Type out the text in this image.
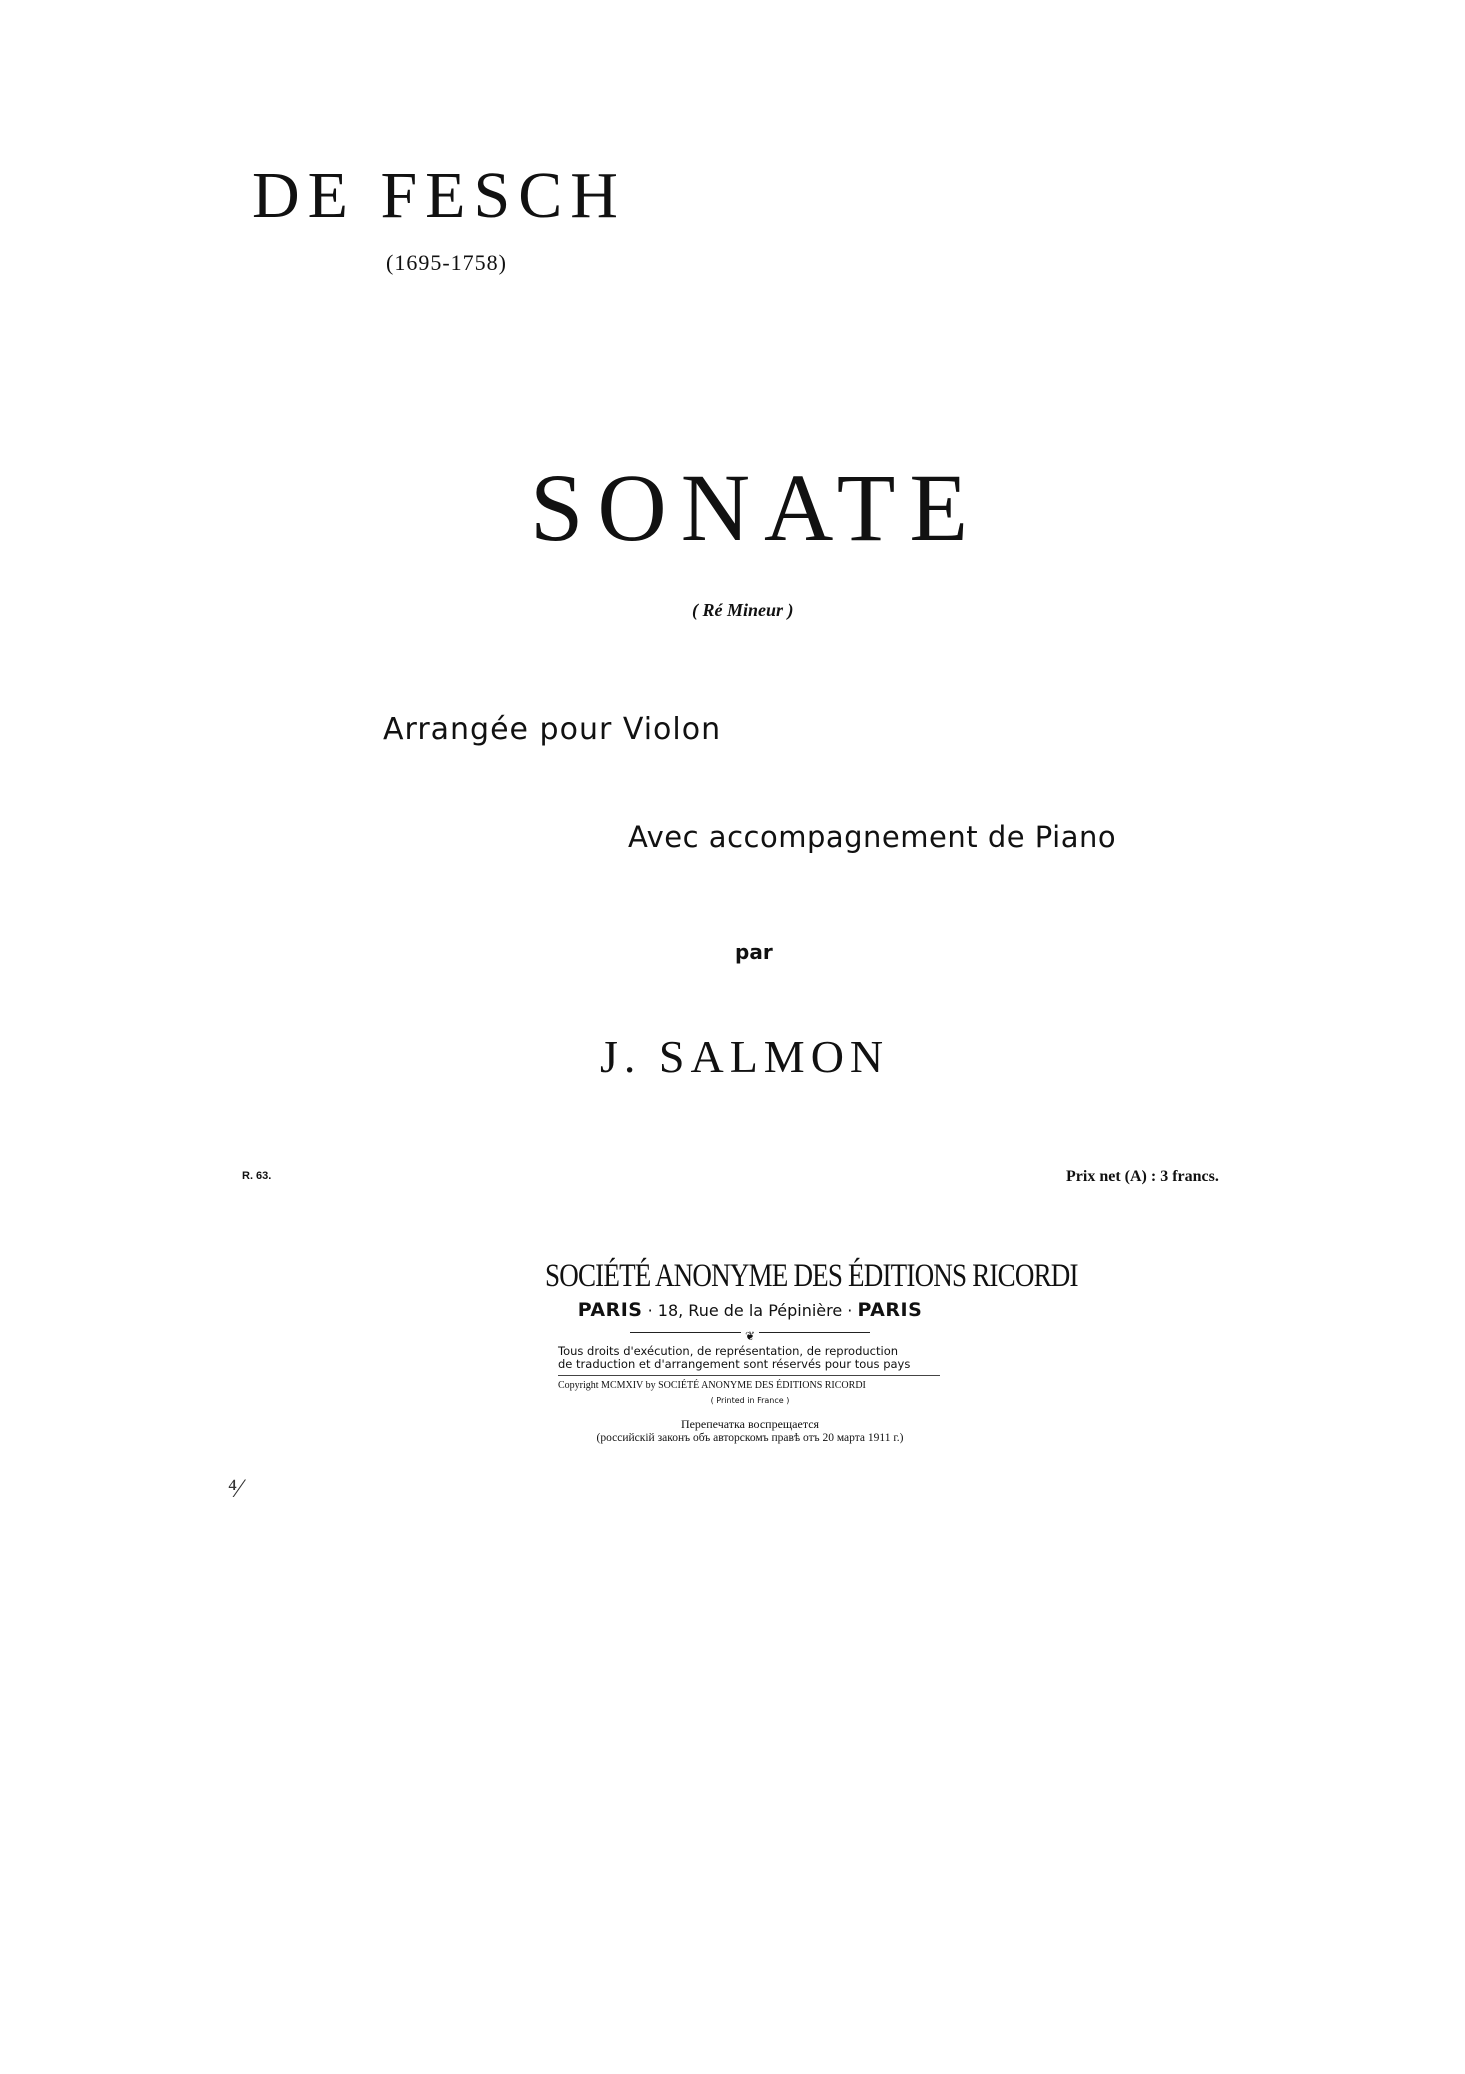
DE FESCH
(1695-1758)
SONATE
( Ré Mineur )
Arrangée pour Violon
Avec accompagnement de Piano
par
J. SALMON
R. 63.	Prix net (A) : 3 francs.
SOCIÉTÉ ANONYME DES ÉDITIONS RICORDI
PARIS · 18, Rue de la Pépinière · PARIS
❦
Tous droits d'exécution, de représentation, de reproduction
de traduction et d'arrangement sont réservés pour tous pays
Copyright MCMXIV by SOCIÉTÉ ANONYME DES ÉDITIONS RICORDI
( Printed in France )
Перепечатка воспрещается
(российскій законъ объ авторскомъ правѣ отъ 20 марта 1911 г.)
⁴⁄
